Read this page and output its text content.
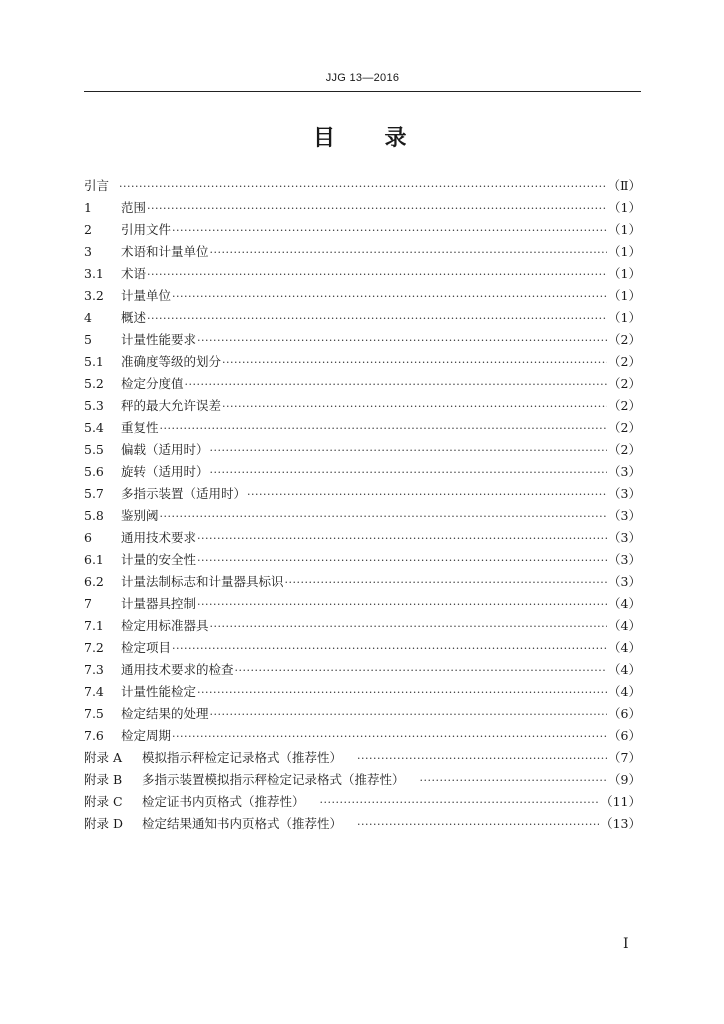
JJG 13—2016
目 录
引言 ·····	（Ⅱ）
1	范围 ·····	（1）
2	引用文件 ·····	（1）
3	术语和计量单位 ·····	（1）
3.1	术语 ·····	（1）
3.2	计量单位 ·····	（1）
4	概述 ·····	（1）
5	计量性能要求 ·····	（2）
5.1	准确度等级的划分 ·····	（2）
5.2	检定分度值 ·····	（2）
5.3	秤的最大允许误差 ·····	（2）
5.4	重复性 ·····	（2）
5.5	偏载（适用时） ·····	（2）
5.6	旋转（适用时） ·····	（3）
5.7	多指示装置（适用时） ·····	（3）
5.8	鉴别阈 ·····	（3）
6	通用技术要求 ·····	（3）
6.1	计量的安全性 ·····	（3）
6.2	计量法制标志和计量器具标识 ·····	（3）
7	计量器具控制 ·····	（4）
7.1	检定用标准器具 ·····	（4）
7.2	检定项目 ·····	（4）
7.3	通用技术要求的检查 ·····	（4）
7.4	计量性能检定 ·····	（4）
7.5	检定结果的处理 ·····	（6）
7.6	检定周期 ·····	（6）
附录 A	模拟指示秤检定记录格式（推荐性） ·····	（7）
附录 B	多指示装置模拟指示秤检定记录格式（推荐性） ·····	（9）
附录 C	检定证书内页格式（推荐性） ·····	（11）
附录 D	检定结果通知书内页格式（推荐性） ·····	（13）
I
